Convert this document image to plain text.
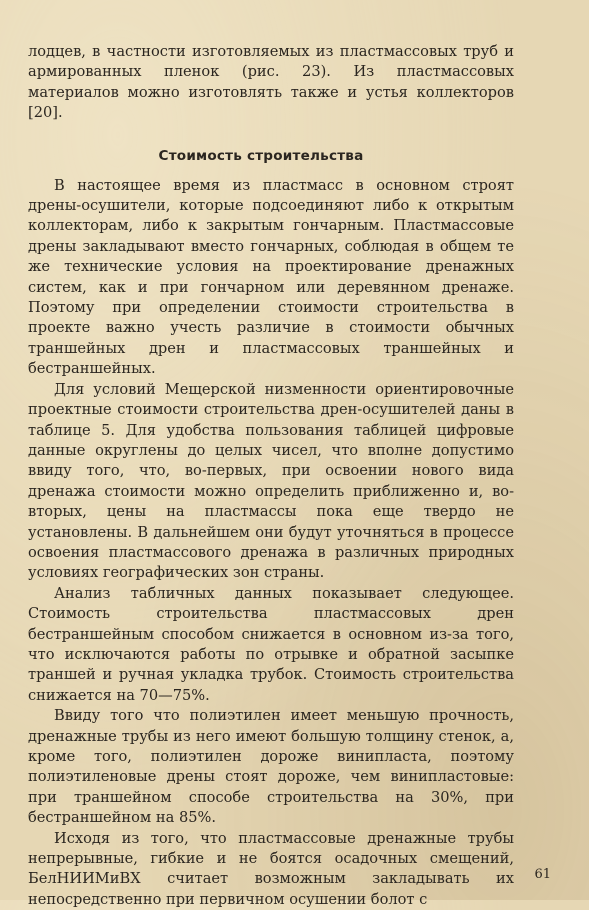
лодцев, в частности изготовляемых из пластмассовых труб и армированных пленок (рис. 23). Из пластмассовых материалов можно изготовлять также и устья коллекторов [20].

Стоимость строительства

В настоящее время из пластмасс в основном строят дрены-осушители, которые подсоединяют либо к открытым коллекторам, либо к закрытым гончарным. Пластмассовые дрены закладывают вместо гончарных, соблюдая в общем те же технические условия на проектирование дренажных систем, как и при гончарном или деревянном дренаже. Поэтому при определении стоимости строительства в проекте важно учесть различие в стоимости обычных траншейных дрен и пластмассовых траншейных и бестраншейных.

Для условий Мещерской низменности ориентировочные проектные стоимости строительства дрен-осушителей даны в таблице 5. Для удобства пользования таблицей цифровые данные округлены до целых чисел, что вполне допустимо ввиду того, что, во-первых, при освоении нового вида дренажа стоимости можно определить приближенно и, во-вторых, цены на пластмассы пока еще твердо не установлены. В дальнейшем они будут уточняться в процессе освоения пластмассового дренажа в различных природных условиях географических зон страны.

Анализ табличных данных показывает следующее. Стоимость строительства пластмассовых дрен бестраншейным способом снижается в основном из-за того, что исключаются работы по отрывке и обратной засыпке траншей и ручная укладка трубок. Стоимость строительства снижается на 70—75%.

Ввиду того что полиэтилен имеет меньшую прочность, дренажные трубы из него имеют большую толщину стенок, а, кроме того, полиэтилен дороже винипласта, поэтому полиэтиленовые дрены стоят дороже, чем винипластовые: при траншейном способе строительства на 30%, при бестраншейном на 85%.

Исходя из того, что пластмассовые дренажные трубы непрерывные, гибкие и не боятся осадочных смещений, БелНИИМиВХ считает возможным закладывать их непосредственно при первичном осушении болот с

61
